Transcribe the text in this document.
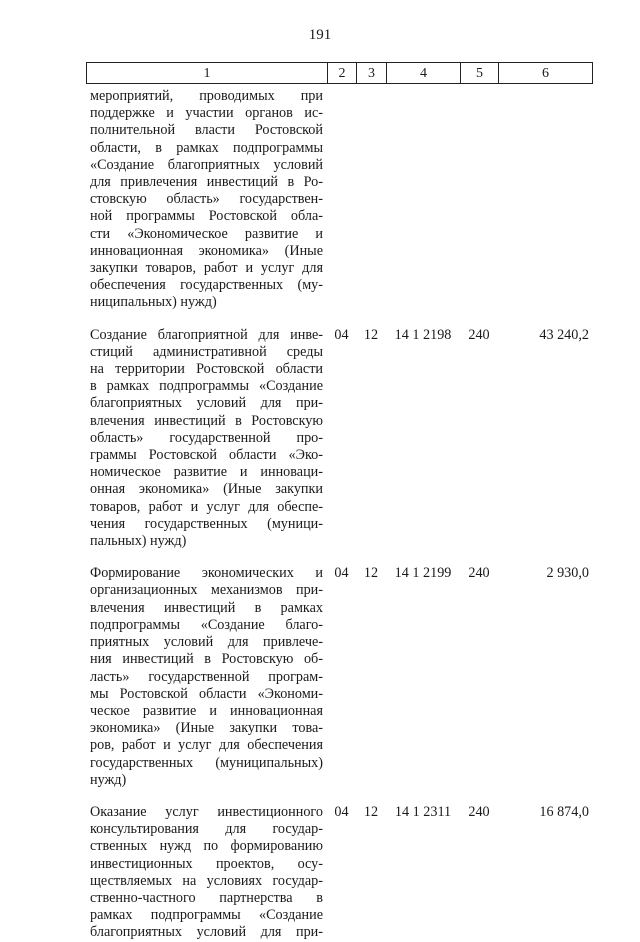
191
1	2	3	4	5	6
мероприятий, проводимых при
поддержке и участии органов ис-
полнительной власти Ростовской
области, в рамках подпрограммы
«Создание благоприятных условий
для привлечения инвестиций в Ро-
стовскую область» государствен-
ной программы Ростовской обла-
сти «Экономическое развитие и
инновационная экономика» (Иные
закупки товаров, работ и услуг для
обеспечения государственных (му-
ниципальных) нужд)
Создание благоприятной для инве-
стиций административной среды
на территории Ростовской области
в рамках подпрограммы «Создание
благоприятных условий для при-
влечения инвестиций в Ростовскую
область» государственной про-
граммы Ростовской области «Эко-
номическое развитие и инноваци-
онная экономика» (Иные закупки
товаров, работ и услуг для обеспе-
чения государственных (муници-
пальных) нужд)
04	12	14 1 2198	240	43 240,2
Формирование экономических и
организационных механизмов при-
влечения инвестиций в рамках
подпрограммы «Создание благо-
приятных условий для привлече-
ния инвестиций в Ростовскую об-
ласть» государственной програм-
мы Ростовской области «Экономи-
ческое развитие и инновационная
экономика» (Иные закупки това-
ров, работ и услуг для обеспечения
государственных (муниципальных)
нужд)
04	12	14 1 2199	240	2 930,0
Оказание услуг инвестиционного
консультирования для государ-
ственных нужд по формированию
инвестиционных проектов, осу-
ществляемых на условиях государ-
ственно-частного партнерства в
рамках подпрограммы «Создание
благоприятных условий для при-
04	12	14 1 2311	240	16 874,0
